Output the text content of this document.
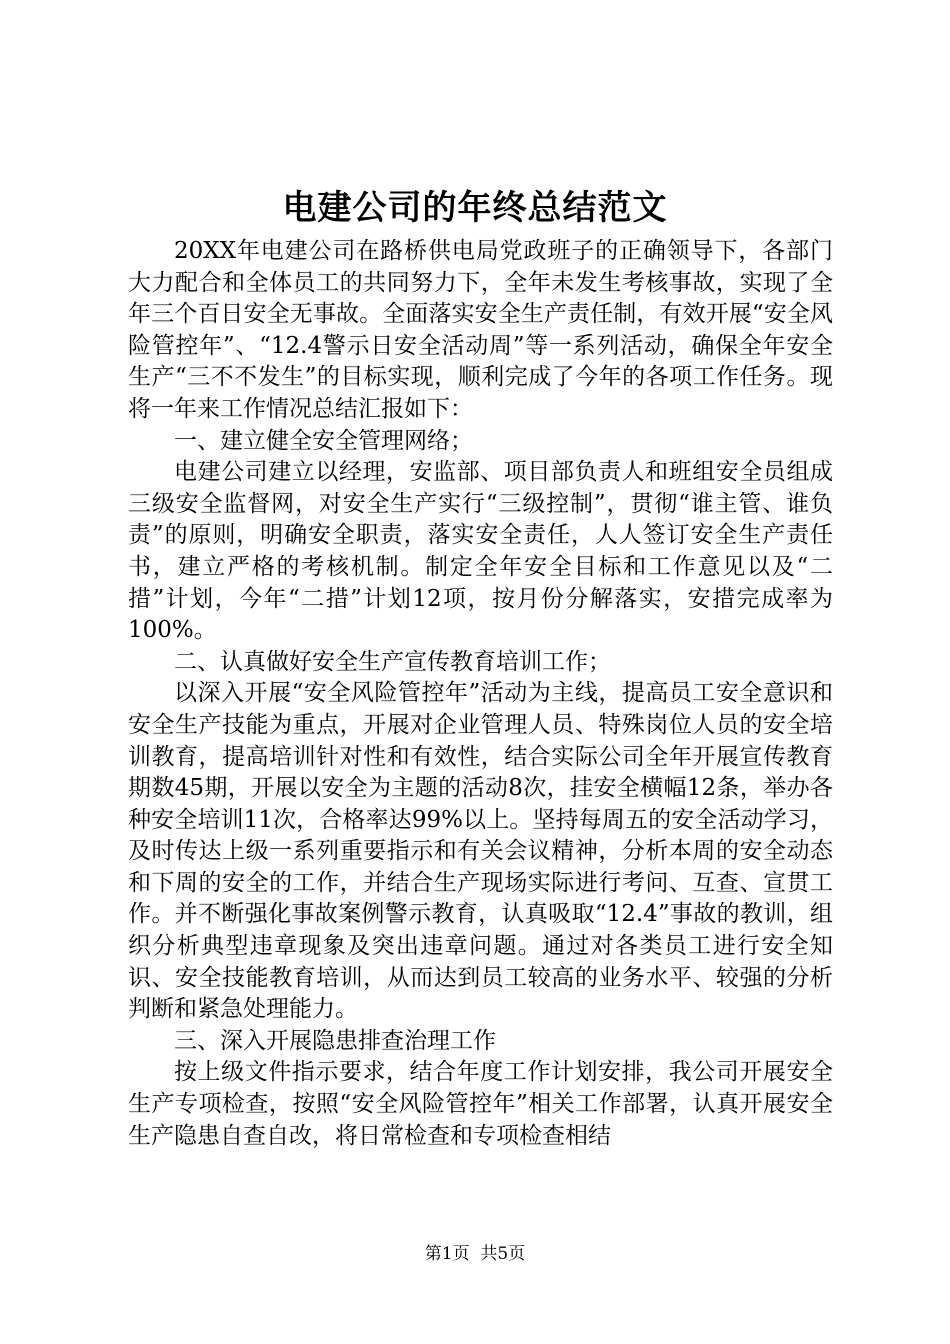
电建公司的年终总结范文

20XX年电建公司在路桥供电局党政班子的正确领导下，各部门大力配合和全体员工的共同努力下，全年未发生考核事故，实现了全年三个百日安全无事故。全面落实安全生产责任制，有效开展“安全风险管控年”、“12.4警示日安全活动周”等一系列活动，确保全年安全生产“三不不发生”的目标实现，顺利完成了今年的各项工作任务。现将一年来工作情况总结汇报如下：

一、建立健全安全管理网络；

电建公司建立以经理，安监部、项目部负责人和班组安全员组成三级安全监督网，对安全生产实行“三级控制”，贯彻“谁主管、谁负责”的原则，明确安全职责，落实安全责任，人人签订安全生产责任书，建立严格的考核机制。制定全年安全目标和工作意见以及“二措”计划，今年“二措”计划12项，按月份分解落实，安措完成率为100%。

二、认真做好安全生产宣传教育培训工作；

以深入开展“安全风险管控年”活动为主线，提高员工安全意识和安全生产技能为重点，开展对企业管理人员、特殊岗位人员的安全培训教育，提高培训针对性和有效性，结合实际公司全年开展宣传教育期数45期，开展以安全为主题的活动8次，挂安全横幅12条，举办各种安全培训11次，合格率达99%以上。坚持每周五的安全活动学习，及时传达上级一系列重要指示和有关会议精神，分析本周的安全动态和下周的安全的工作，并结合生产现场实际进行考问、互查、宣贯工作。并不断强化事故案例警示教育，认真吸取“12.4”事故的教训，组织分析典型违章现象及突出违章问题。通过对各类员工进行安全知识、安全技能教育培训，从而达到员工较高的业务水平、较强的分析判断和紧急处理能力。

三、深入开展隐患排查治理工作

按上级文件指示要求，结合年度工作计划安排，我公司开展安全生产专项检查，按照“安全风险管控年”相关工作部署，认真开展安全生产隐患自查自改，将日常检查和专项检查相结

第1页  共5页
